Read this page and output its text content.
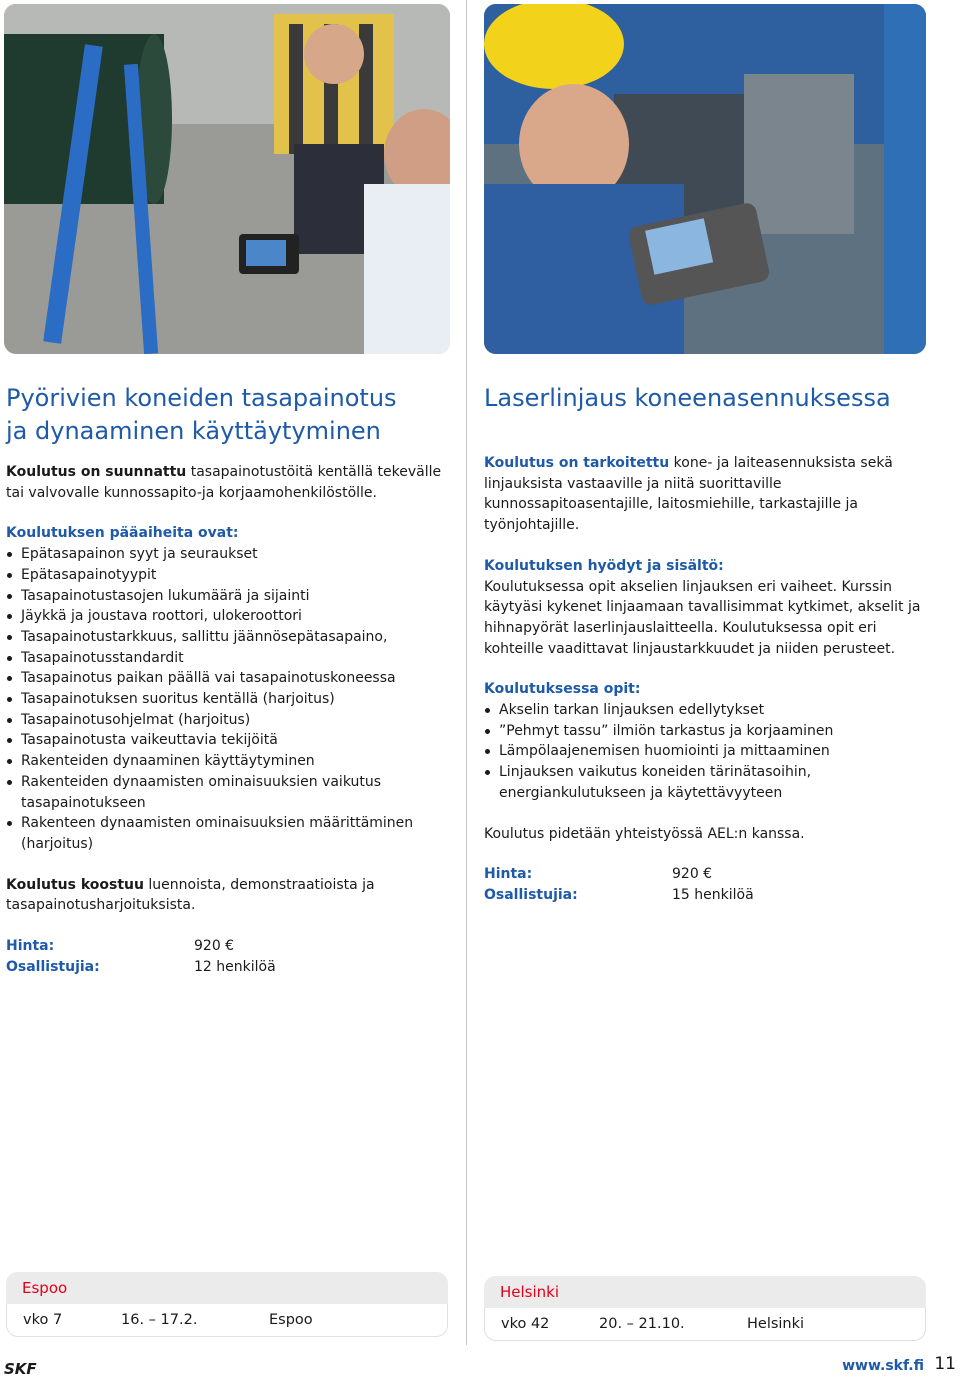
Pyörivien koneiden tasapainotus
ja dynaaminen käyttäytyminen

Koulutus on suunnattu tasapainotustöitä kentällä tekevälle tai valvovalle kunnossapito-ja korjaamohenkilöstölle.

Koulutuksen pääaiheita ovat:
Epätasapainon syyt ja seuraukset
Epätasapainotyypit
Tasapainotustasojen lukumäärä ja sijainti
Jäykkä ja joustava roottori, ulokeroottori
Tasapainotustarkkuus, sallittu jäännösepätasapaino,
Tasapainotusstandardit
Tasapainotus paikan päällä vai tasapainotuskoneessa
Tasapainotuksen suoritus kentällä (harjoitus)
Tasapainotusohjelmat (harjoitus)
Tasapainotusta vaikeuttavia tekijöitä
Rakenteiden dynaaminen käyttäytyminen
Rakenteiden dynaamisten ominaisuuksien vaikutus tasapainotukseen
Rakenteen dynaamisten ominaisuuksien määrittäminen (harjoitus)

Koulutus koostuu luennoista, demonstraatioista ja tasapainotusharjoituksista.

Hinta:	920 €
Osallistujia:	12 henkilöä
Laserlinjaus koneenasennuksessa

Koulutus on tarkoitettu kone- ja laiteasennuksista sekä linjauksista vastaaville ja niitä suorittaville kunnossapitoasentajille, laitosmiehille, tarkastajille ja työnjohtajille.

Koulutuksen hyödyt ja sisältö:
Koulutuksessa opit akselien linjauksen eri vaiheet. Kurssin käytyäsi kykenet linjaamaan tavallisimmat kytkimet, akselit ja hihnapyörät laserlinjauslaitteella. Koulutuksessa opit eri kohteille vaadittavat linjaustarkkuudet ja niiden perusteet.
Koulutuksessa opit:
Akselin tarkan linjauksen edellytykset
”Pehmyt tassu” ilmiön tarkastus ja korjaaminen
Lämpölaajenemisen huomiointi ja mittaaminen
Linjauksen vaikutus koneiden tärinätasoihin, energiankulutukseen ja käytettävyyteen

Koulutus pidetään yhteistyössä AEL:n kanssa.

Hinta:	920 €
Osallistujia:	15 henkilöä
Espoo
vko 7	16. – 17.2.	Espoo
Helsinki
vko 42	20. – 21.10.	Helsinki
SKF	www.skf.fi 11
